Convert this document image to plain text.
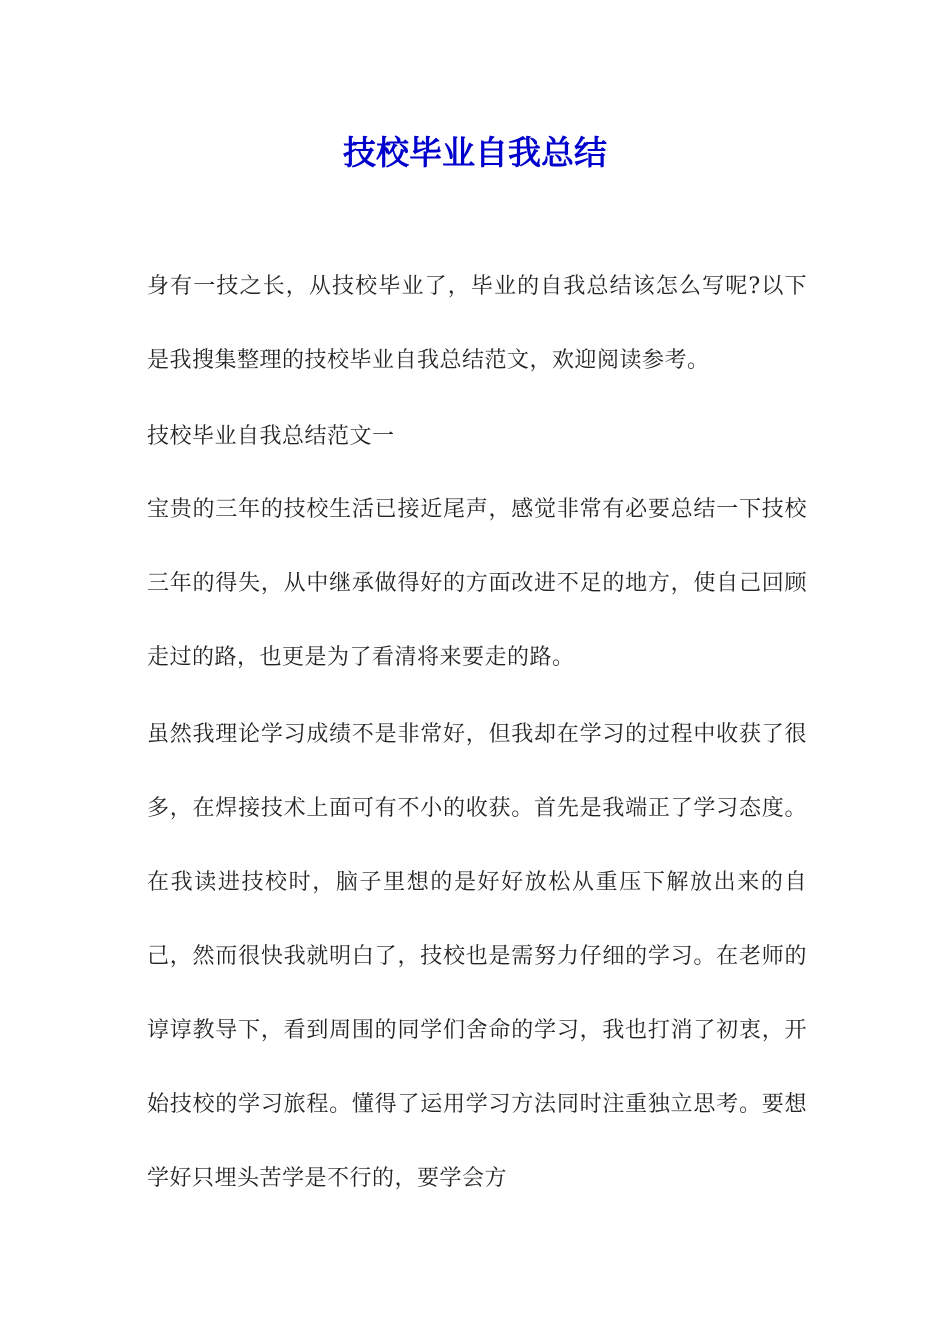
技校毕业自我总结

身有一技之长，从技校毕业了，毕业的自我总结该怎么写呢?以下是我搜集整理的技校毕业自我总结范文，欢迎阅读参考。

技校毕业自我总结范文一

宝贵的三年的技校生活已接近尾声，感觉非常有必要总结一下技校三年的得失，从中继承做得好的方面改进不足的地方，使自己回顾走过的路，也更是为了看清将来要走的路。

虽然我理论学习成绩不是非常好，但我却在学习的过程中收获了很多，在焊接技术上面可有不小的收获。首先是我端正了学习态度。在我读进技校时，脑子里想的是好好放松从重压下解放出来的自己，然而很快我就明白了，技校也是需努力仔细的学习。在老师的谆谆教导下，看到周围的同学们舍命的学习，我也打消了初衷，开始技校的学习旅程。懂得了运用学习方法同时注重独立思考。要想学好只埋头苦学是不行的，要学会方
